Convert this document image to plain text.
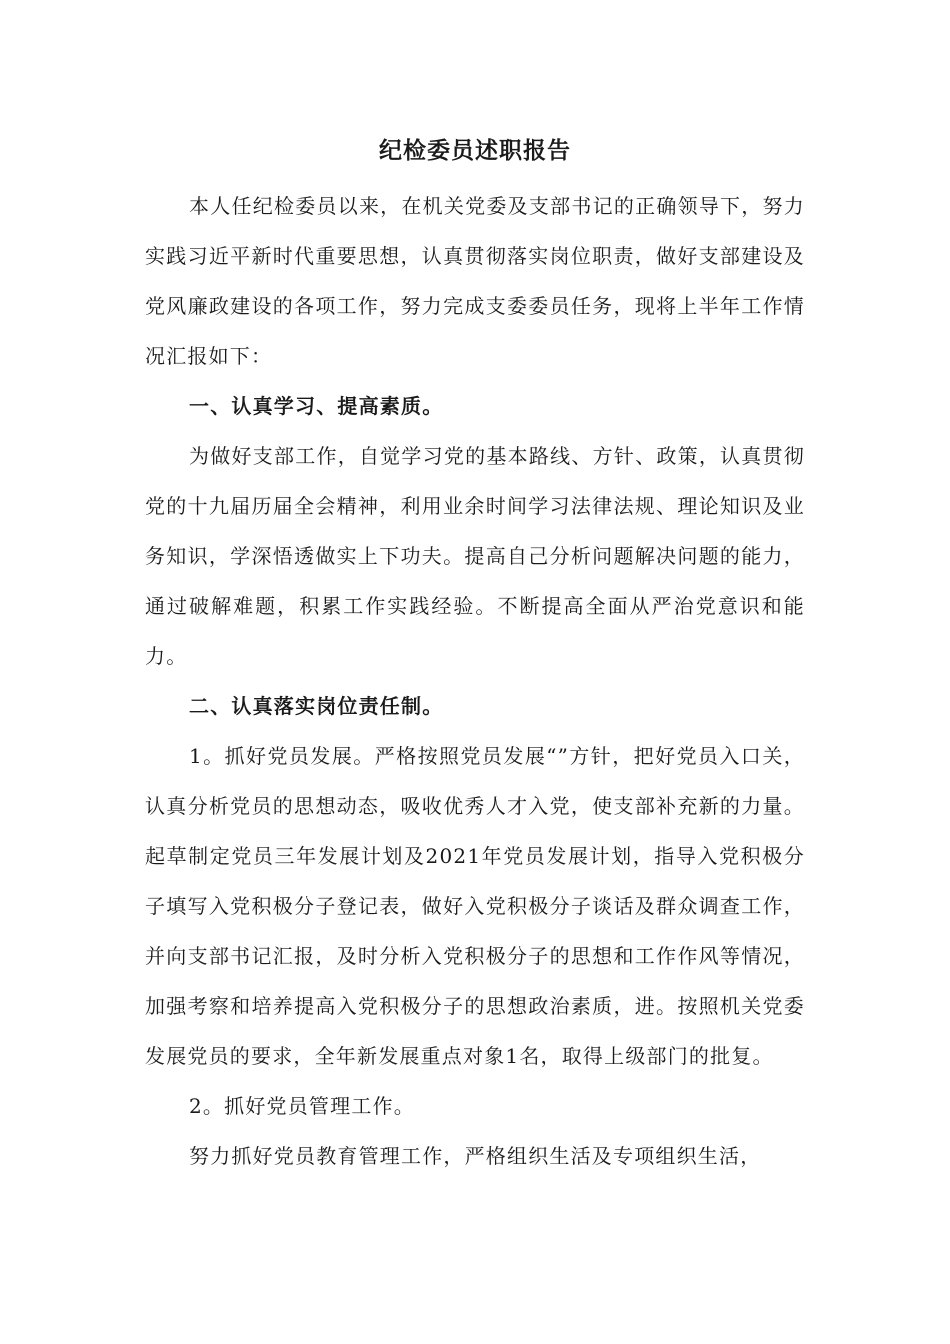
纪检委员述职报告

本人任纪检委员以来，在机关党委及支部书记的正确领导下，努力实践习近平新时代重要思想，认真贯彻落实岗位职责，做好支部建设及党风廉政建设的各项工作，努力完成支委委员任务，现将上半年工作情况汇报如下：

一、认真学习、提高素质。

为做好支部工作，自觉学习党的基本路线、方针、政策，认真贯彻党的十九届历届全会精神，利用业余时间学习法律法规、理论知识及业务知识，学深悟透做实上下功夫。提高自己分析问题解决问题的能力，通过破解难题，积累工作实践经验。不断提高全面从严治党意识和能力。

二、认真落实岗位责任制。

1。抓好党员发展。严格按照党员发展“”方针，把好党员入口关，认真分析党员的思想动态，吸收优秀人才入党，使支部补充新的力量。起草制定党员三年发展计划及2021年党员发展计划，指导入党积极分子填写入党积极分子登记表，做好入党积极分子谈话及群众调查工作，并向支部书记汇报，及时分析入党积极分子的思想和工作作风等情况，加强考察和培养提高入党积极分子的思想政治素质，进。按照机关党委发展党员的要求，全年新发展重点对象1名，取得上级部门的批复。

2。抓好党员管理工作。

努力抓好党员教育管理工作，严格组织生活及专项组织生活，
